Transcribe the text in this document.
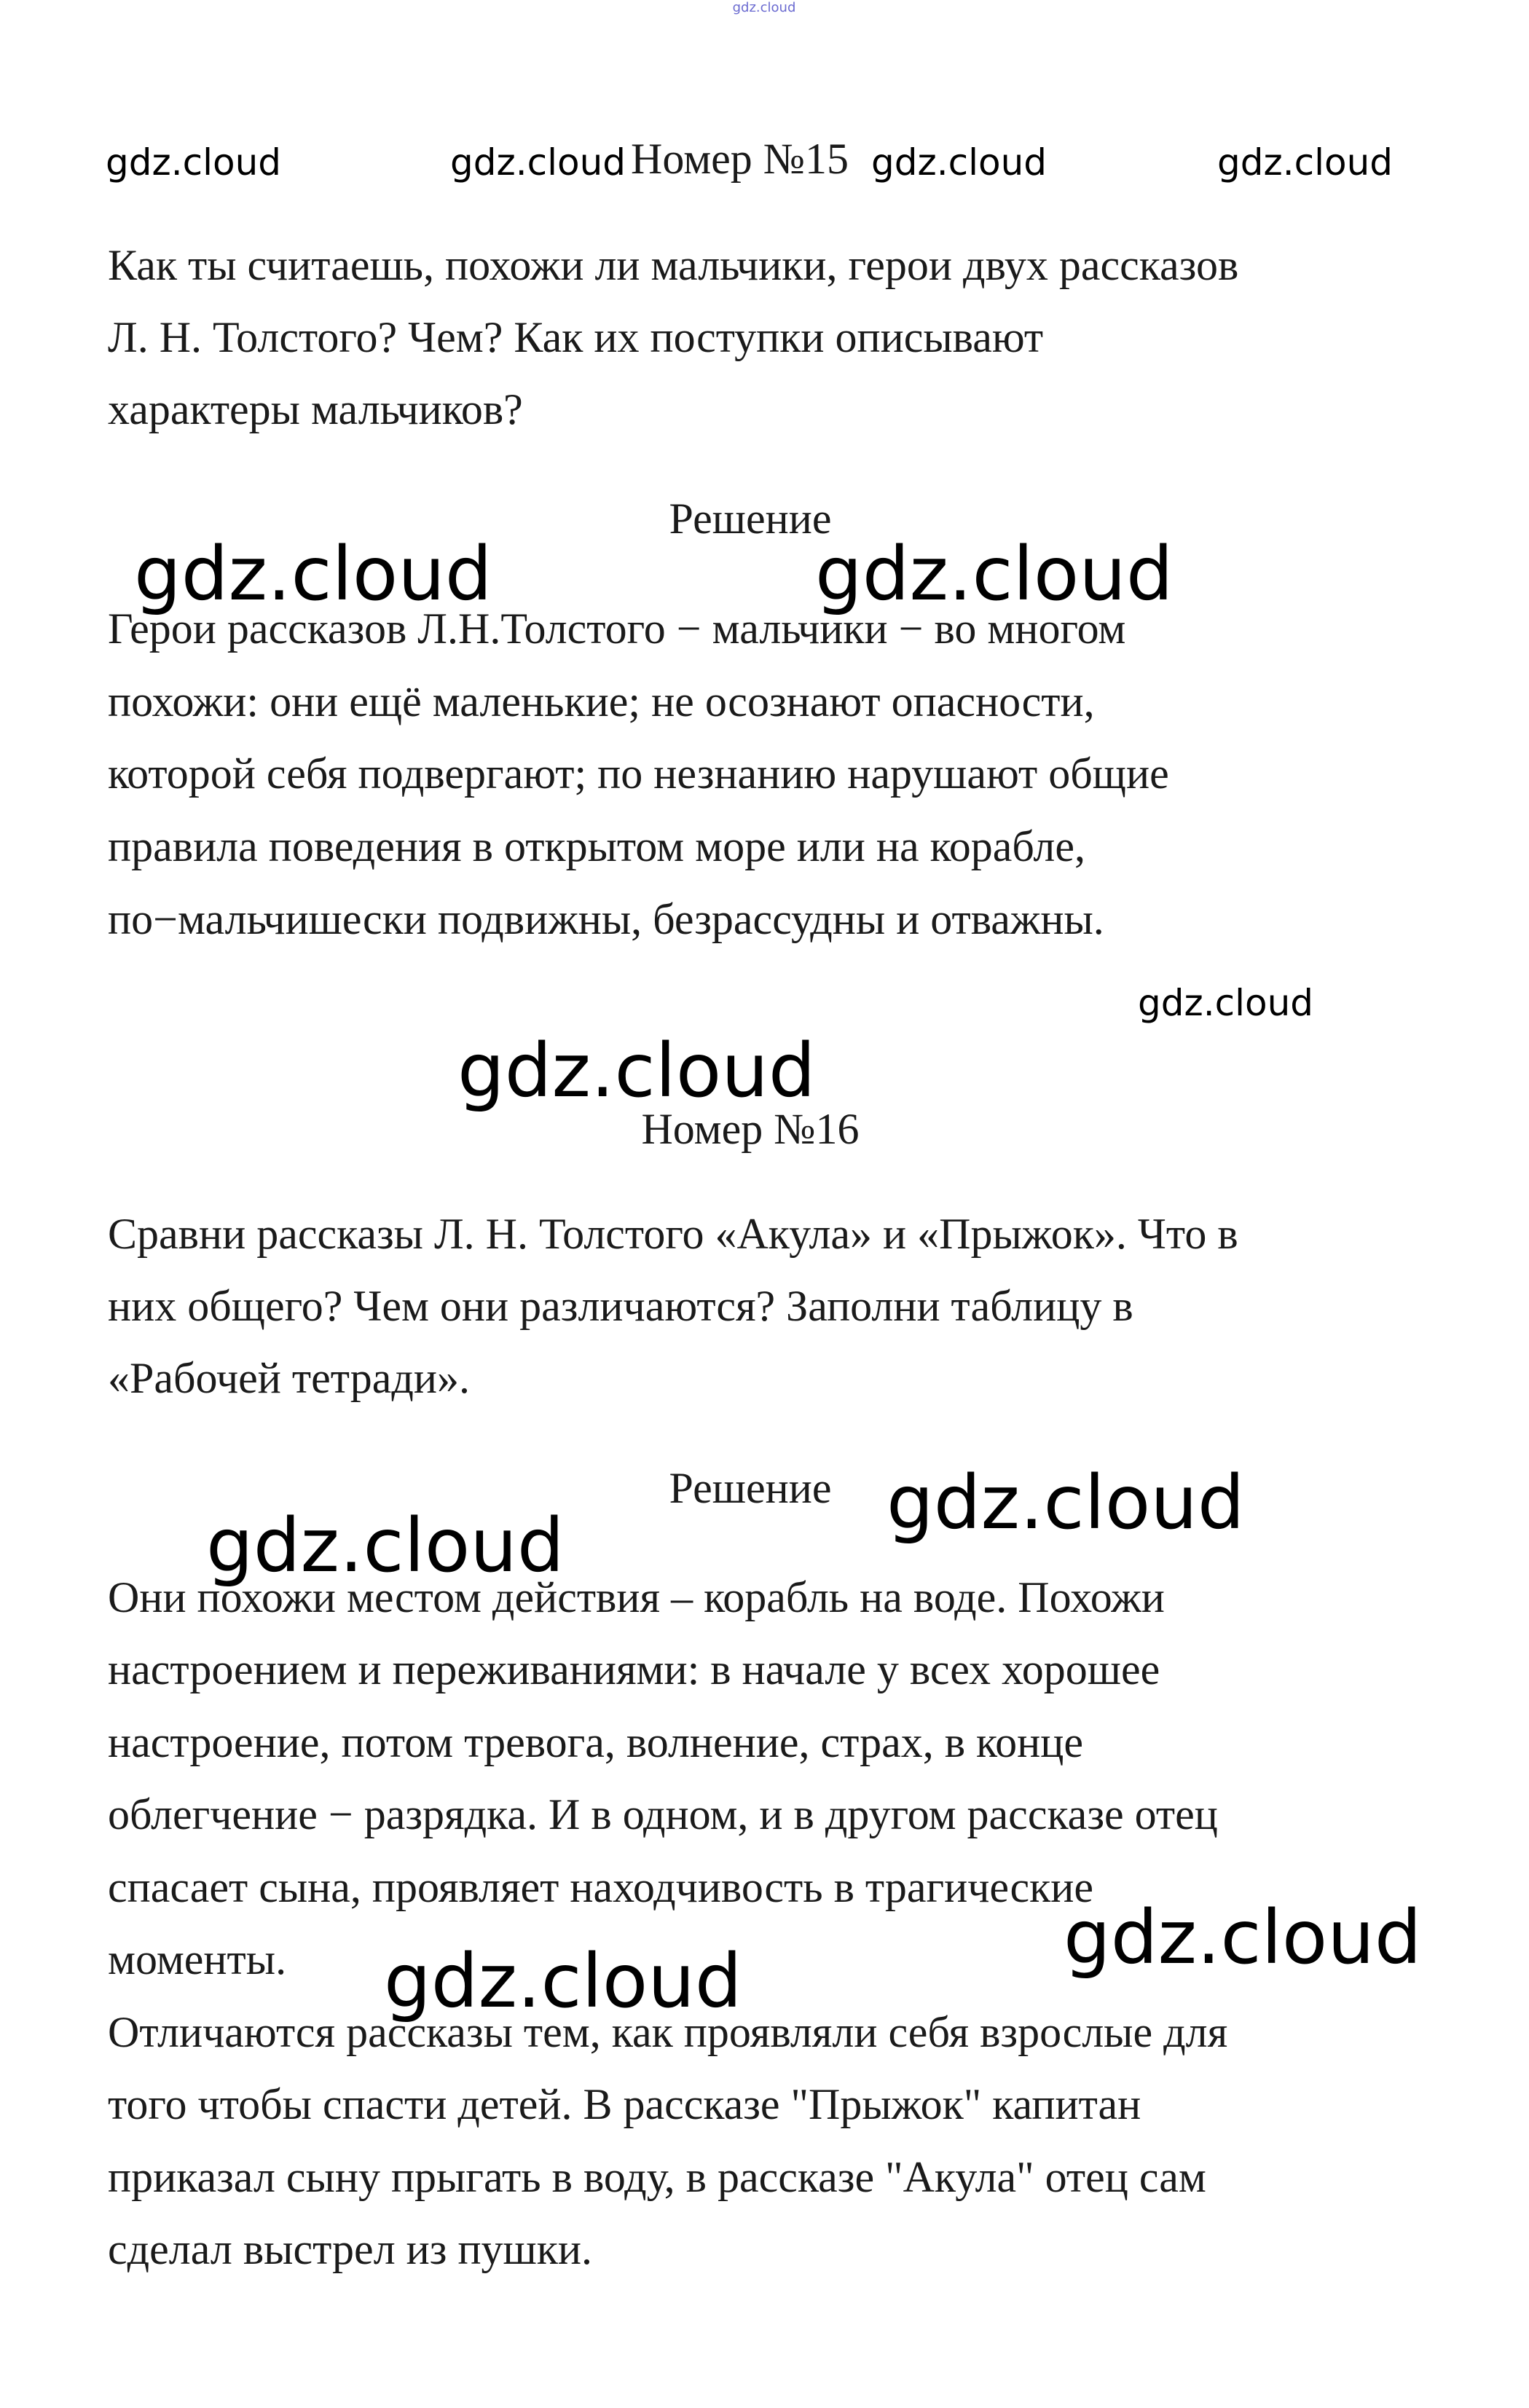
gdz.cloud
gdz.cloud	gdz.cloud	gdz.cloud	gdz.cloud
Номер №15
Как ты считаешь, похожи ли мальчики, герои двух рассказов
Л. Н. Толстого? Чем? Как их поступки описывают
характеры мальчиков?
Решение
Герои рассказов Л.Н.Толстого − мальчики − во многом
похожи: они ещё маленькие; не осознают опасности,
которой себя подвергают; по незнанию нарушают общие
правила поведения в открытом море или на корабле,
по−мальчишески подвижны, безрассудны и отважны.
gdz.cloud	gdz.cloud
gdz.cloud
gdz.cloud
Номер №16
Сравни рассказы Л. Н. Толстого «Акула» и «Прыжок». Что в
них общего? Чем они различаются? Заполни таблицу в
«Рабочей тетради».
Решение gdz.cloud
gdz.cloud
Они похожи местом действия – корабль на воде. Похожи
настроением и переживаниями: в начале у всех хорошее
настроение, потом тревога, волнение, страх, в конце
облегчение − разрядка. И в одном, и в другом рассказе отец
спасает сына, проявляет находчивость в трагические
моменты.	gdz.cloud
gdz.cloud
Отличаются рассказы тем, как проявляли себя взрослые для
того чтобы спасти детей. В рассказе "Прыжок" капитан
приказал сыну прыгать в воду, в рассказе "Акула" отец сам
сделал выстрел из пушки.
